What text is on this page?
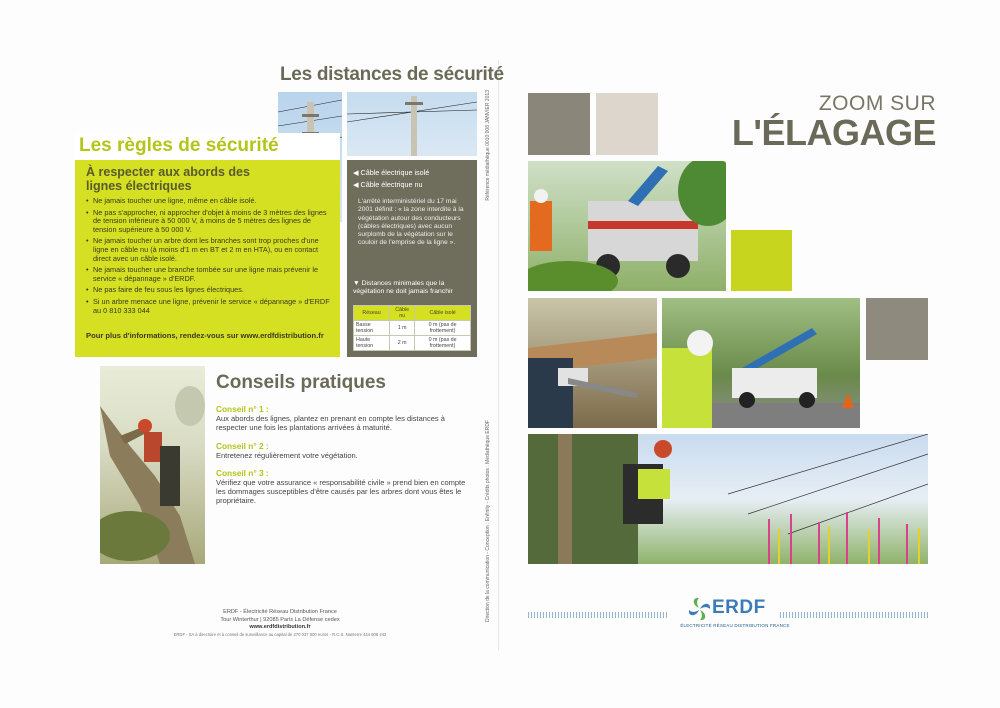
Les distances de sécurité
Les règles de sécurité
À respecter aux abords des lignes électriques
• Ne jamais toucher une ligne, même en câble isolé.
• Ne pas s'approcher, ni approcher d'objet à moins de 3 mètres des lignes de tension inférieure à 50 000 V, à moins de 5 mètres des lignes de tension supérieure à 50 000 V.
• Ne jamais toucher un arbre dont les branches sont trop proches d'une ligne en câble nu (à moins d'1 m en BT et 2 m en HTA), ou en contact direct avec un câble isolé.
• Ne jamais toucher une branche tombée sur une ligne mais prévenir le service « dépannage » d'ERDF.
• Ne pas faire de feu sous les lignes électriques.
• Si un arbre menace une ligne, prévenir le service « dépannage » d'ERDF au 0 810 333 044
Pour plus d'informations, rendez-vous sur www.erdfdistribution.fr
◀ Câble électrique isolé
◀ Câble électrique nu
L'arrêté interministériel du 17 mai 2001 définit : « la zone interdite à la végétation autour des conducteurs (câbles électriques) avec aucun surplomb de la végétation sur le couloir de l'emprise de la ligne ».
▼ Distances minimales que la végétation ne doit jamais franchir
Réseau	Câble nu	Câble isolé
Basse tension	1 m	0 m (pas de frottement)
Haute tension	2 m	0 m (pas de frottement)
Conseils pratiques
Conseil n° 1 :
Aux abords des lignes, plantez en prenant en compte les distances à respecter une fois les plantations arrivées à maturité.
Conseil n° 2 :
Entretenez régulièrement votre végétation.
Conseil n° 3 :
Vérifiez que votre assurance « responsabilité civile » prend bien en compte les dommages susceptibles d'être causés par les arbres dont vous êtes le propriétaire.
ERDF - Électricité Réseau Distribution France
Tour Winterthur | 92085 Paris La Défense cedex
www.erdfdistribution.fr
ERDF - SA à directoire et à conseil de surveillance au capital de 270 037 000 euros - R.C.S. Nanterre 444 608 442
Direction de la communication - Conception : Enfinity - Crédits photos : Médiathèque ERDF
Référence médiathèque 0010 008 JANVIER 2013	ZOOM SUR
L'ÉLAGAGE
ERDF
ÉLECTRICITÉ RÉSEAU DISTRIBUTION FRANCE
